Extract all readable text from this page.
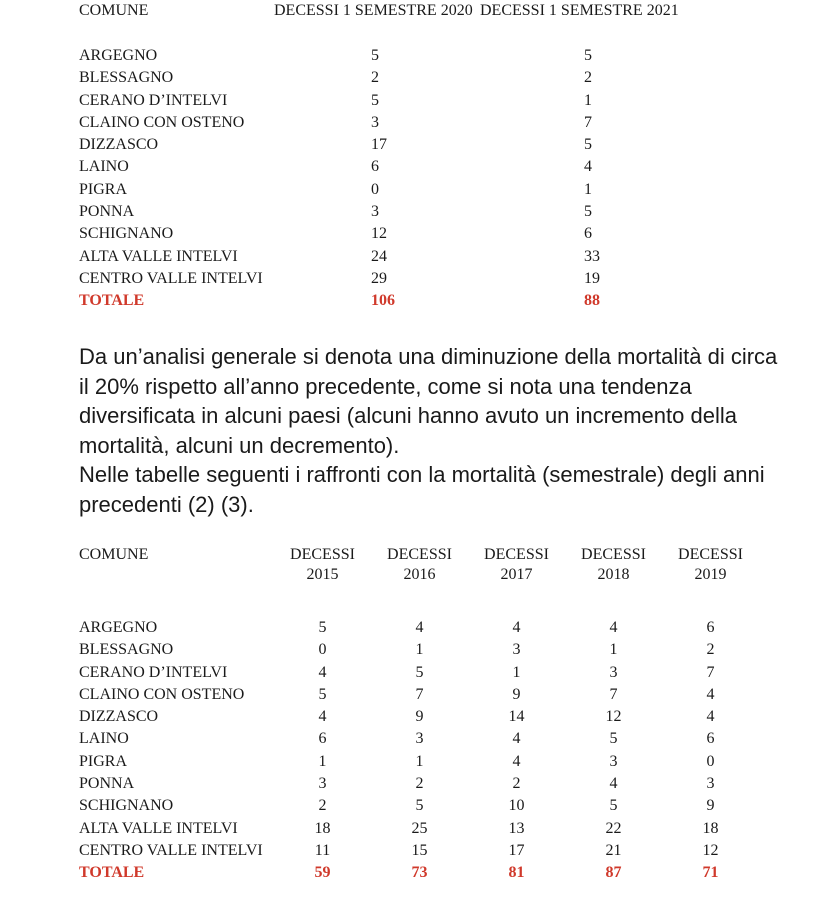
COMUNE	DECESSI 1 SEMESTRE 2020	DECESSI 1 SEMESTRE 2021

ARGEGNO	5	5
BLESSAGNO	2	2
CERANO D’INTELVI	5	1
CLAINO CON OSTENO	3	7
DIZZASCO	17	5
LAINO	6	4
PIGRA	0	1
PONNA	3	5
SCHIGNANO	12	6
ALTA VALLE INTELVI	24	33
CENTRO VALLE INTELVI	29	19
TOTALE	106	88

Da un’analisi generale si denota una diminuzione della mortalità di circa il 20% rispetto all’anno precedente, come si nota una tendenza diversificata in alcuni paesi (alcuni hanno avuto un incremento della mortalità, alcuni un decremento).

Nelle tabelle seguenti i raffronti con la mortalità (semestrale) degli anni precedenti (2) (3).

COMUNE	DECESSI 2015	DECESSI 2016	DECESSI 2017	DECESSI 2018	DECESSI 2019

ARGEGNO	5	4	4	4	6
BLESSAGNO	0	1	3	1	2
CERANO D’INTELVI	4	5	1	3	7
CLAINO CON OSTENO	5	7	9	7	4
DIZZASCO	4	9	14	12	4
LAINO	6	3	4	5	6
PIGRA	1	1	4	3	0
PONNA	3	2	2	4	3
SCHIGNANO	2	5	10	5	9
ALTA VALLE INTELVI	18	25	13	22	18
CENTRO VALLE INTELVI	11	15	17	21	12
TOTALE	59	73	81	87	71
